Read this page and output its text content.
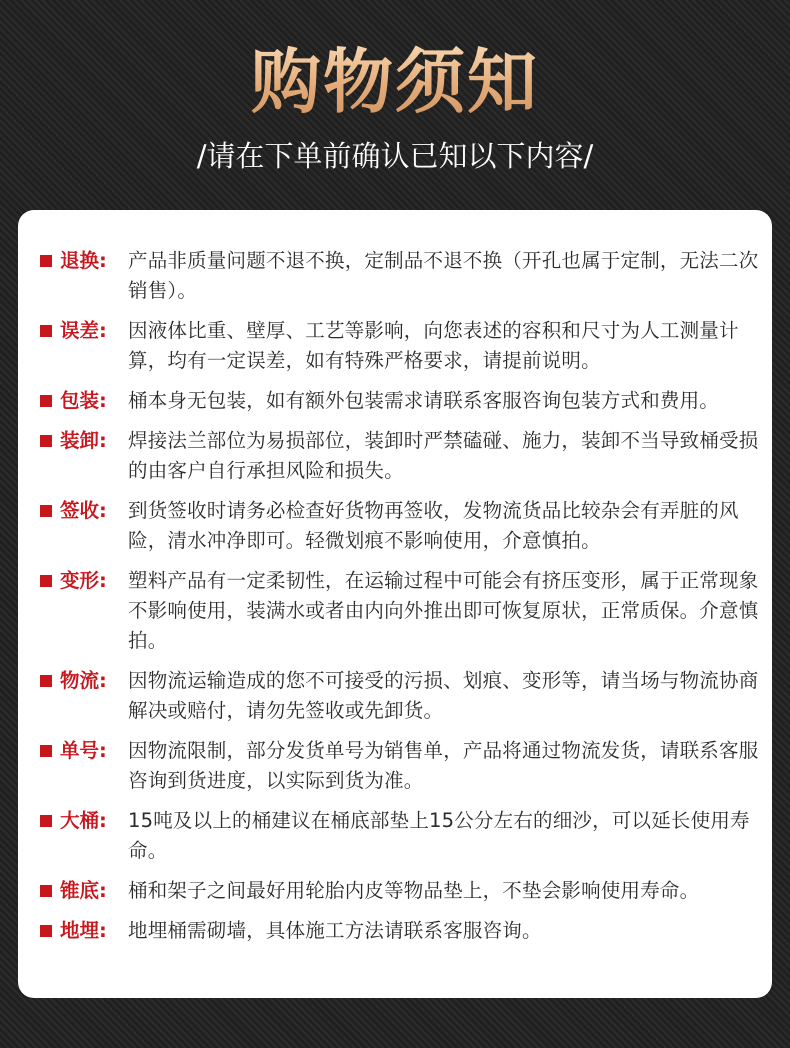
购物须知
/请在下单前确认已知以下内容/
退换:	产品非质量问题不退不换，定制品不退不换（开孔也属于定制，无法二次销售）。
误差:	因液体比重、壁厚、工艺等影响，向您表述的容积和尺寸为人工测量计算，均有一定误差，如有特殊严格要求，请提前说明。
包装:	桶本身无包装，如有额外包装需求请联系客服咨询包装方式和费用。
装卸:	焊接法兰部位为易损部位，装卸时严禁磕碰、施力，装卸不当导致桶受损的由客户自行承担风险和损失。
签收:	到货签收时请务必检查好货物再签收，发物流货品比较杂会有弄脏的风险，清水冲净即可。轻微划痕不影响使用，介意慎拍。
变形:	塑料产品有一定柔韧性，在运输过程中可能会有挤压变形，属于正常现象不影响使用，装满水或者由内向外推出即可恢复原状，正常质保。介意慎拍。
物流:	因物流运输造成的您不可接受的污损、划痕、变形等，请当场与物流协商解决或赔付，请勿先签收或先卸货。
单号:	因物流限制，部分发货单号为销售单，产品将通过物流发货，请联系客服咨询到货进度，以实际到货为准。
大桶:	15吨及以上的桶建议在桶底部垫上15公分左右的细沙，可以延长使用寿命。
锥底:	桶和架子之间最好用轮胎内皮等物品垫上，不垫会影响使用寿命。
地埋:	地埋桶需砌墙，具体施工方法请联系客服咨询。
